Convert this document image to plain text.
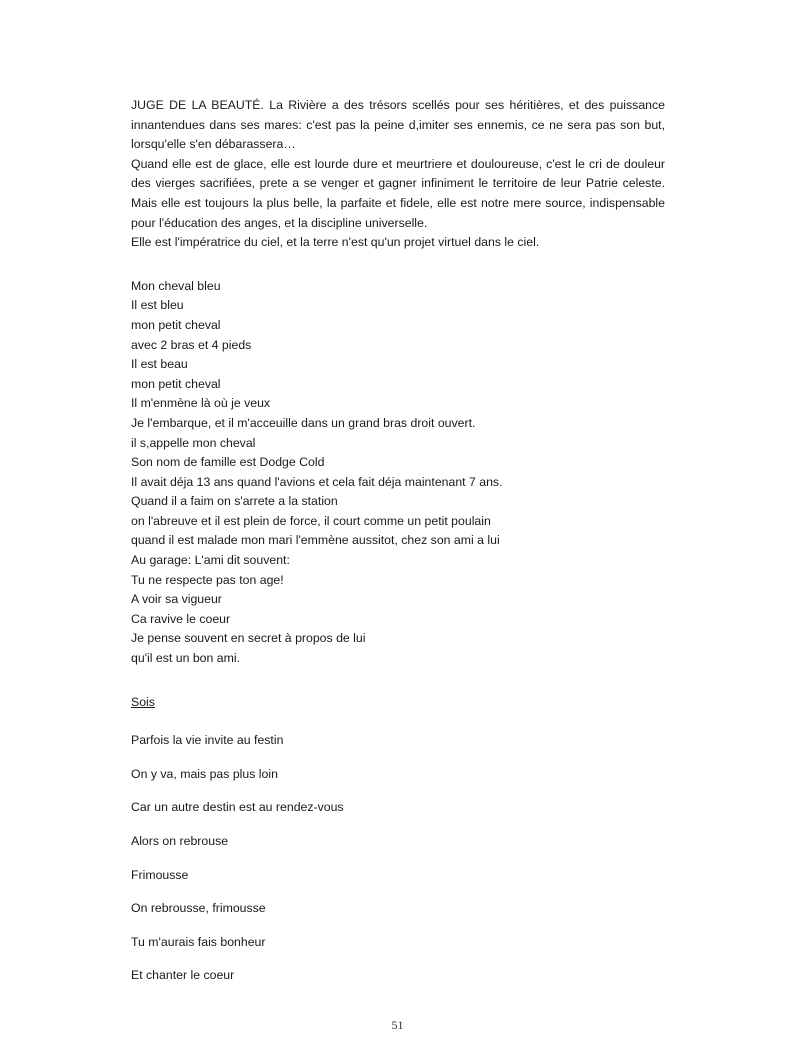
JUGE DE LA BEAUTÉ. La Rivière a des trésors scellés pour ses héritières, et des puissance innantendues dans ses mares: c'est pas la peine d,imiter ses ennemis, ce ne sera pas son but, lorsqu'elle s'en débarassera…

Quand elle est de glace, elle est lourde dure et meurtriere et douloureuse, c'est le cri de douleur des vierges sacrifiées, prete a se venger et gagner infiniment le territoire de leur Patrie celeste. Mais elle est toujours la plus belle, la parfaite et fidele, elle est notre mere source, indispensable pour l'éducation des anges, et la discipline universelle.

Elle est l'impératrice du ciel, et la terre n'est qu'un projet virtuel dans le ciel.

Mon cheval bleu
Il est bleu
mon petit cheval
avec 2 bras et 4 pieds
Il est beau
mon petit cheval
Il m'enmène là où je veux
Je l'embarque, et il m'acceuille dans un grand bras droit ouvert.
il s,appelle mon cheval
Son nom de famille est Dodge Cold
Il avait déja 13 ans quand l'avions et cela fait déja maintenant 7 ans.
Quand il a faim on s'arrete a la station
on l'abreuve et il est plein de force, il court comme un petit poulain
quand il est malade mon mari l'emmène aussitot, chez son ami a lui
Au garage: L'ami dit souvent:
Tu ne respecte pas ton age!
A voir sa vigueur
Ca ravive le coeur
Je pense souvent en secret à propos de lui
qu'il est un bon ami.

Sois

Parfois la vie invite au festin

On y va, mais pas plus loin

Car un autre destin est au rendez-vous

Alors on rebrouse

Frimousse

On rebrousse, frimousse

Tu m'aurais fais bonheur

Et chanter le coeur

51
